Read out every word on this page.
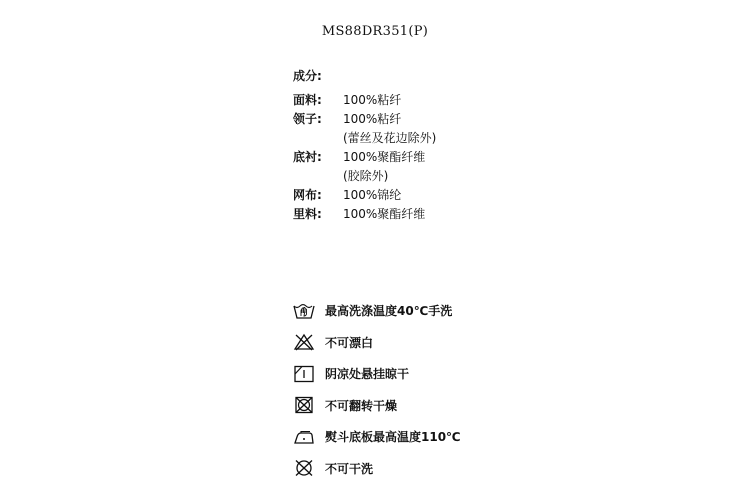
MS88DR351(P)
成分:
面料:	100%粘纤
领子:	100%粘纤
(蕾丝及花边除外)
底衬:	100%聚酯纤维
(胶除外)
网布:	100%锦纶
里料:	100%聚酯纤维
最高洗涤温度40℃手洗
不可漂白
阴凉处悬挂晾干
不可翻转干燥
熨斗底板最高温度110℃
不可干洗
